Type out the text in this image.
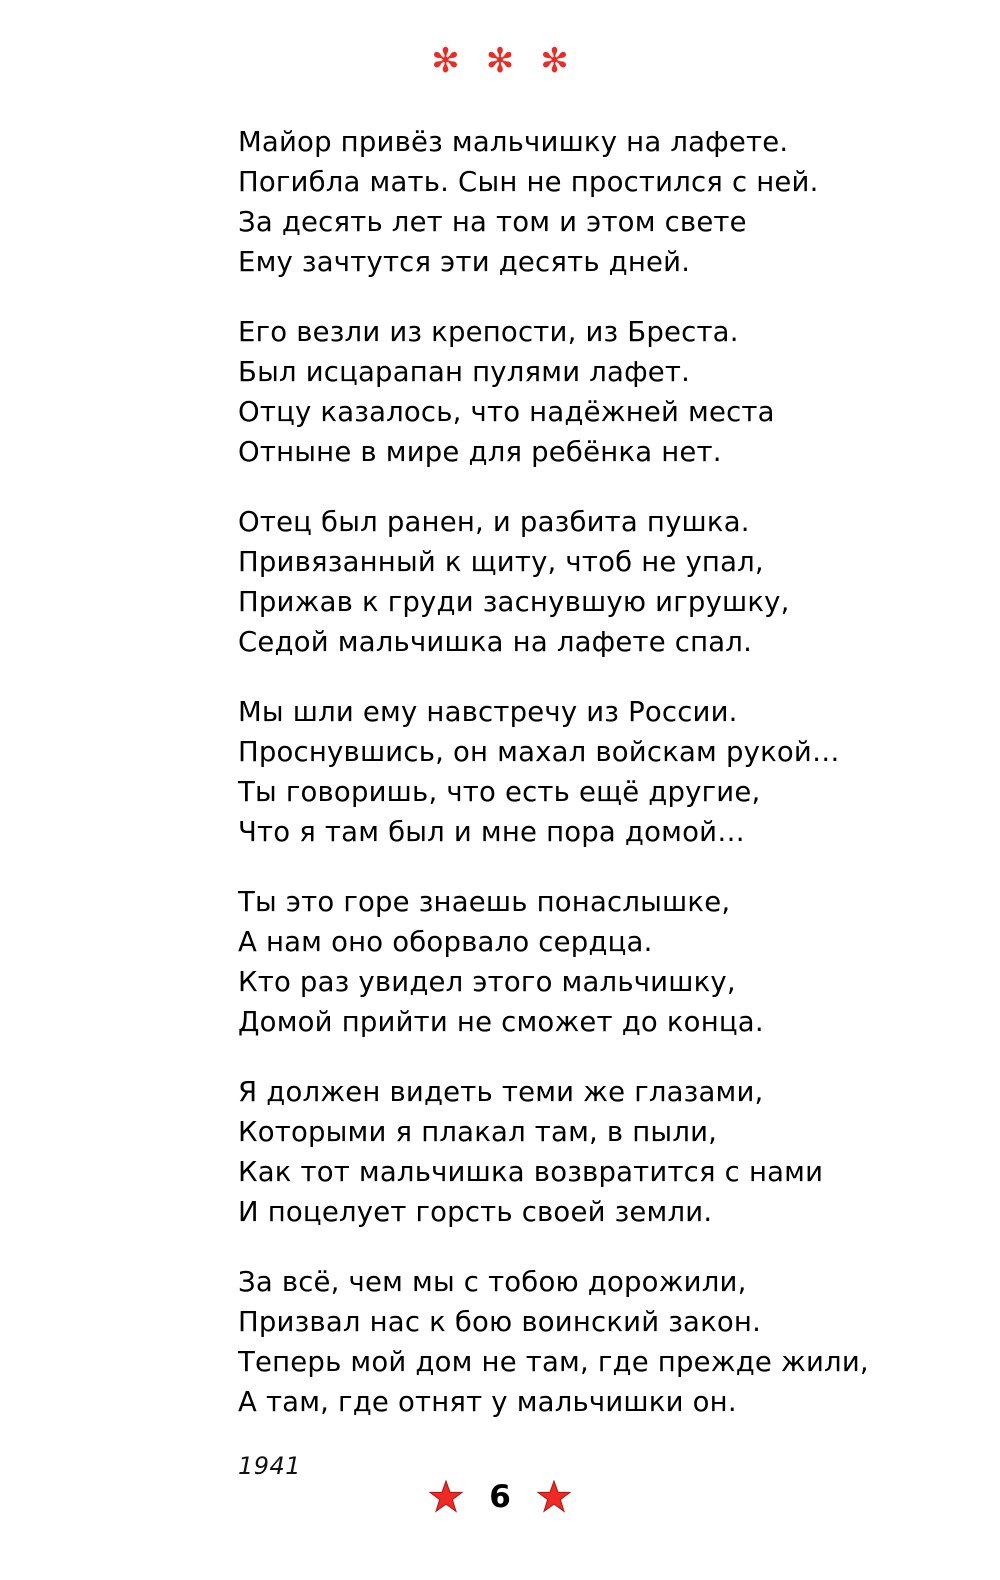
✻✻✻
Майор привёз мальчишку на лафете.
Погибла мать. Сын не простился с ней.
За десять лет на том и этом свете
Ему зачтутся эти десять дней.
Его везли из крепости, из Бреста.
Был исцарапан пулями лафет.
Отцу казалось, что надёжней места
Отныне в мире для ребёнка нет.
Отец был ранен, и разбита пушка.
Привязанный к щиту, чтоб не упал,
Прижав к груди заснувшую игрушку,
Седой мальчишка на лафете спал.
Мы шли ему навстречу из России.
Проснувшись, он махал войскам рукой…
Ты говоришь, что есть ещё другие,
Что я там был и мне пора домой…
Ты это горе знаешь понаслышке,
А нам оно оборвало сердца.
Кто раз увидел этого мальчишку,
Домой прийти не сможет до конца.
Я должен видеть теми же глазами,
Которыми я плакал там, в пыли,
Как тот мальчишка возвратится с нами
И поцелует горсть своей земли.
За всё, чем мы с тобою дорожили,
Призвал нас к бою воинский закон.
Теперь мой дом не там, где прежде жили,
А там, где отнят у мальчишки он.
1941
6
